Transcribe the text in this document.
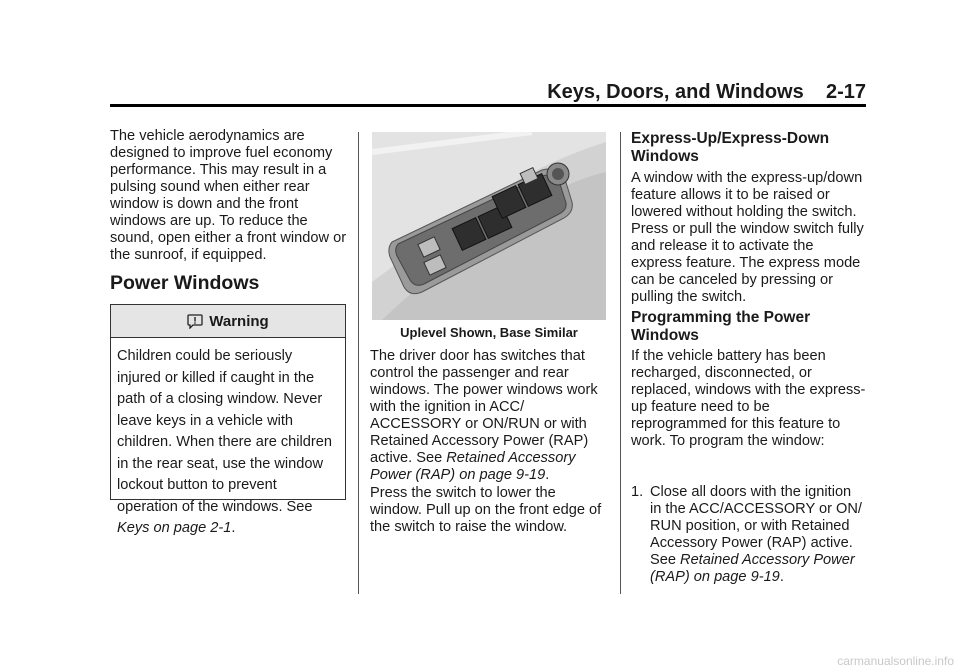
Keys, Doors, and Windows 2-17

The vehicle aerodynamics are designed to improve fuel economy performance. This may result in a pulsing sound when either rear window is down and the front windows are up. To reduce the sound, open either a front window or the sunroof, if equipped.

Power Windows
Warning
Children could be seriously injured or killed if caught in the path of a closing window. Never leave keys in a vehicle with children. When there are children in the rear seat, use the window lockout button to prevent operation of the windows. See Keys on page 2-1.
Uplevel Shown, Base Similar

The driver door has switches that control the passenger and rear windows. The power windows work with the ignition in ACC/ ACCESSORY or ON/RUN or with Retained Accessory Power (RAP) active. See Retained Accessory Power (RAP) on page 9-19.

Press the switch to lower the window. Pull up on the front edge of the switch to raise the window.

Express-Up/Express-Down Windows

A window with the express-up/down feature allows it to be raised or lowered without holding the switch. Press or pull the window switch fully and release it to activate the express feature. The express mode can be canceled by pressing or pulling the switch.

Programming the Power Windows

If the vehicle battery has been recharged, disconnected, or replaced, windows with the express-up feature need to be reprogrammed for this feature to work. To program the window:

1. Close all doors with the ignition in the ACC/ACCESSORY or ON/ RUN position, or with Retained Accessory Power (RAP) active. See Retained Accessory Power (RAP) on page 9-19.
carmanualsonline.info
